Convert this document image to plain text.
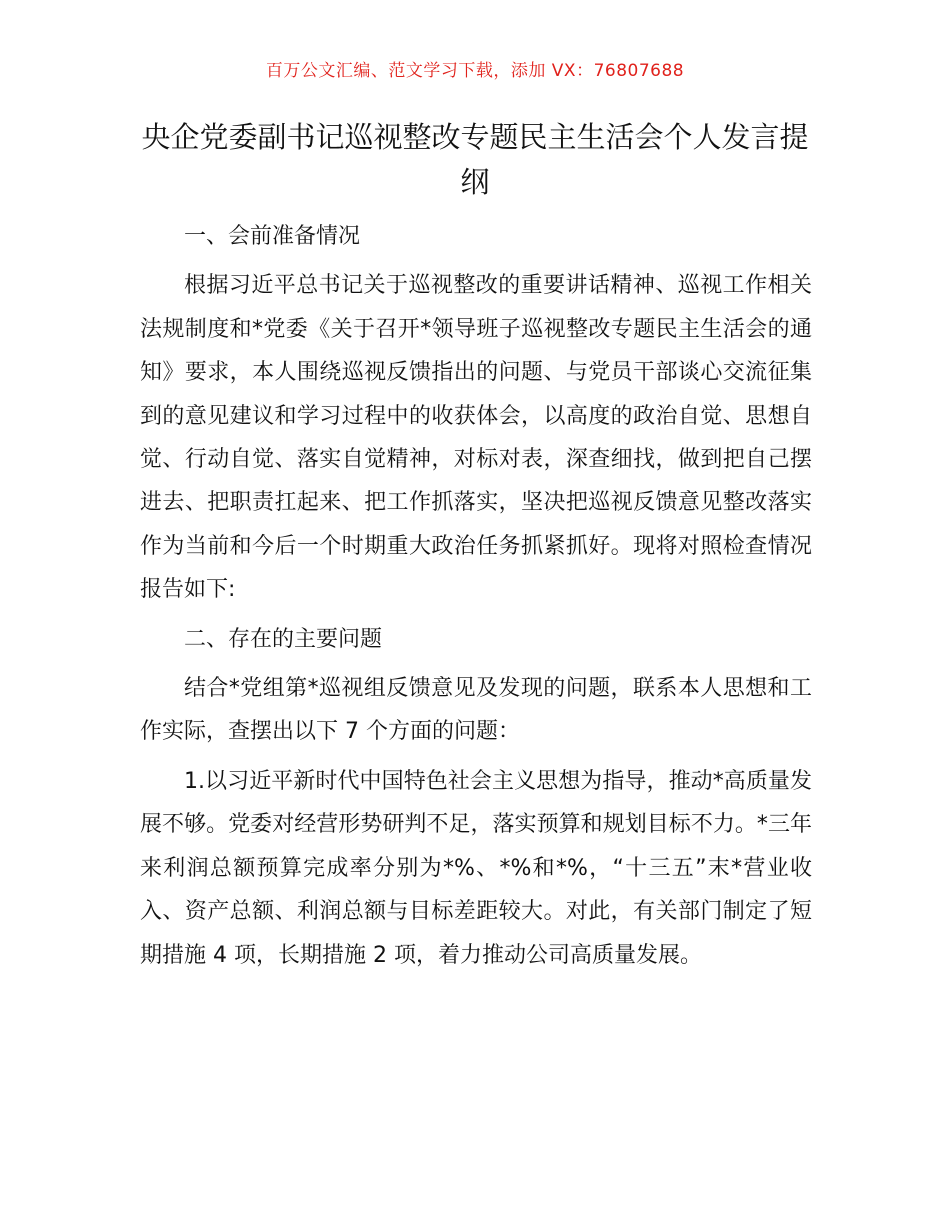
百万公文汇编、范文学习下载，添加 VX：76807688
央企党委副书记巡视整改专题民主生活会个人发言提纲

一、会前准备情况

根据习近平总书记关于巡视整改的重要讲话精神、巡视工作相关法规制度和*党委《关于召开*领导班子巡视整改专题民主生活会的通知》要求，本人围绕巡视反馈指出的问题、与党员干部谈心交流征集到的意见建议和学习过程中的收获体会，以高度的政治自觉、思想自觉、行动自觉、落实自觉精神，对标对表，深查细找，做到把自己摆进去、把职责扛起来、把工作抓落实，坚决把巡视反馈意见整改落实作为当前和今后一个时期重大政治任务抓紧抓好。现将对照检查情况报告如下:

二、存在的主要问题

结合*党组第*巡视组反馈意见及发现的问题，联系本人思想和工作实际，查摆出以下 7 个方面的问题：

1.以习近平新时代中国特色社会主义思想为指导，推动*高质量发展不够。党委对经营形势研判不足，落实预算和规划目标不力。*三年来利润总额预算完成率分别为*%、*%和*%，“十三五”末*营业收入、资产总额、利润总额与目标差距较大。对此，有关部门制定了短期措施 4 项，长期措施 2 项，着力推动公司高质量发展。
